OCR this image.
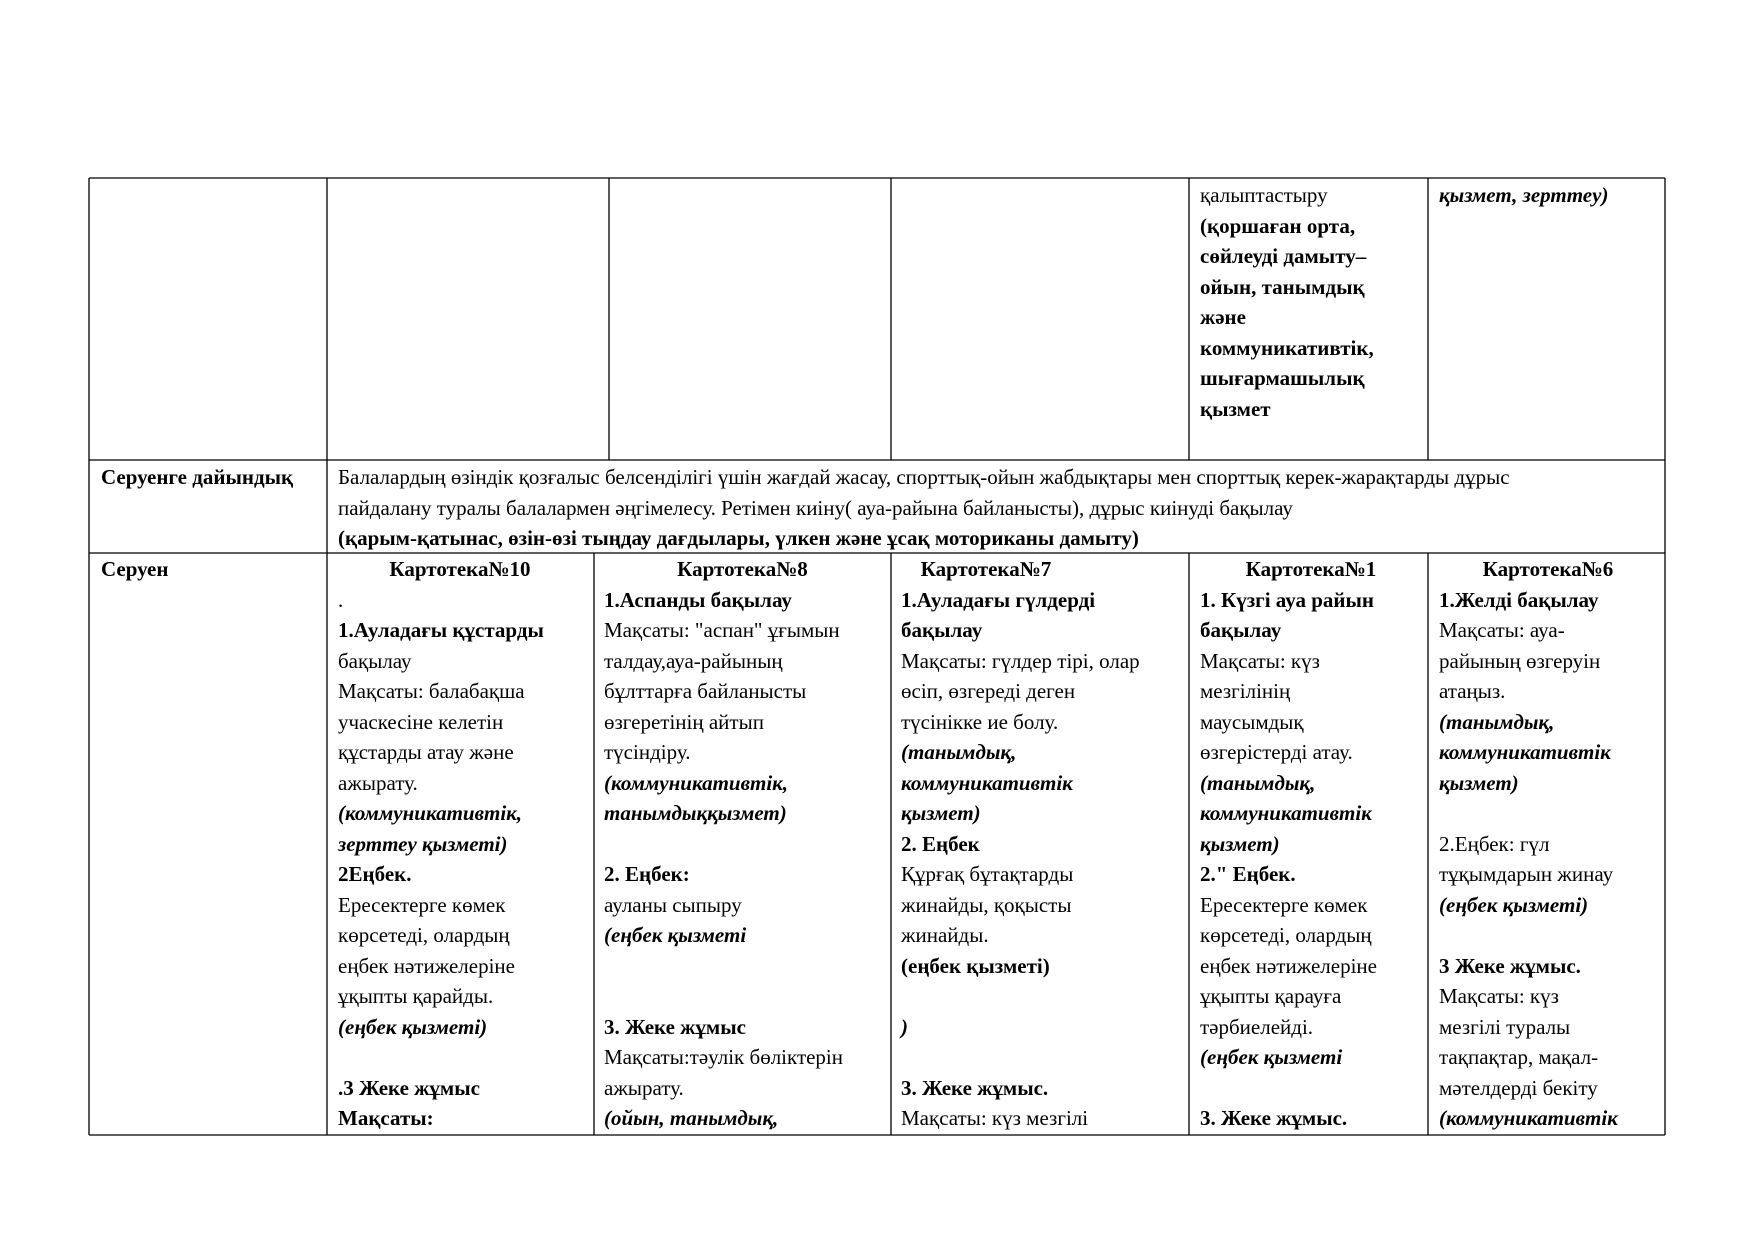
қалыптастыру
(қоршаған орта,
сөйлеуді дамыту–
ойын, танымдық
және
коммуникативтік,
шығармашылық
қызмет
қызмет, зерттеу)
Серуенге дайындық	Балалардың өзіндік қозғалыс белсенділігі үшін жағдай жасау, спорттық-ойын жабдықтары мен спорттық керек-жарақтарды дұрыс
пайдалану туралы балалармен әңгімелесу. Ретімен киіну( ауа-райына байланысты), дұрыс киінуді бақылау
(қарым-қатынас, өзін-өзі тыңдау дағдылары, үлкен және ұсақ моториканы дамыту)
Серуен	Картотека№10
.
1.Ауладағы құстарды
бақылау
Мақсаты: балабақша
учаскесіне келетін
құстарды атау және
ажырату.
(коммуникативтік,
зерттеу қызметі)
2Еңбек.
Ересектерге көмек
көрсетеді, олардың
еңбек нәтижелеріне
ұқыпты қарайды.
(еңбек қызметі)
.3 Жеке жұмыс
Мақсаты:
Картотека№8
1.Аспанды бақылау
Мақсаты: "аспан" ұғымын
талдау,ауа-райының
бұлттарға байланысты
өзгеретінің айтып
түсіндіру.
(коммуникативтік,
танымдыққызмет)
2. Еңбек:
ауланы сыпыру
(еңбек қызметі
3. Жеке жұмыс
Мақсаты:тәулік бөліктерін
ажырату.
(ойын, танымдық,
Картотека№7
1.Ауладағы гүлдерді
бақылау
Мақсаты: гүлдер тірі, олар
өсіп, өзгереді деген
түсінікке ие болу.
(танымдық,
коммуникативтік
қызмет)
2. Еңбек
Құрғақ бұтақтарды
жинайды, қоқысты
жинайды.
(еңбек қызметі)
)
3. Жеке жұмыс.
Мақсаты: күз мезгілі
Картотека№1
1. Күзгі ауа райын
бақылау
Мақсаты: күз
мезгілінің
маусымдық
өзгерістерді атау.
(танымдық,
коммуникативтік
қызмет)
2." Еңбек.
Ересектерге көмек
көрсетеді, олардың
еңбек нәтижелеріне
ұқыпты қарауға
тәрбиелейді.
(еңбек қызметі
3. Жеке жұмыс.
Картотека№6
1.Желді бақылау
Мақсаты: ауа-
райының өзгеруін
атаңыз.
(танымдық,
коммуникативтік
қызмет)
2.Еңбек: гүл
тұқымдарын жинау
(еңбек қызметі)
3 Жеке жұмыс.
Мақсаты: күз
мезгілі туралы
тақпақтар, мақал-
мәтелдерді бекіту
(коммуникативтік
